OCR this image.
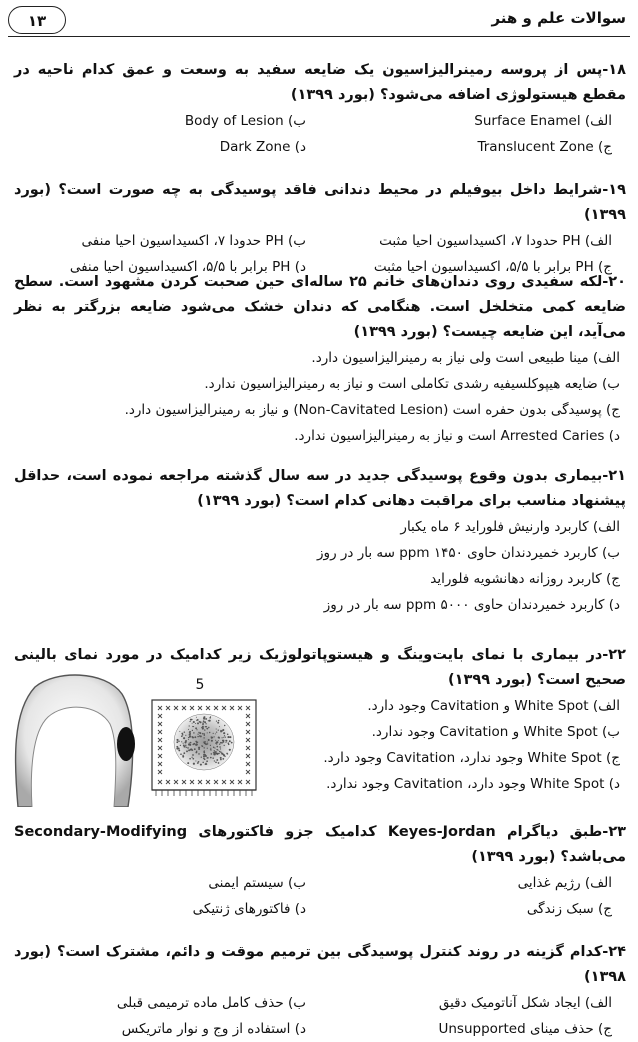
۱۳	سوالات علم و هنر

۱۸-پس از پروسه رمینرالیزاسیون یک ضایعه سفید به وسعت و عمق کدام ناحیه در مقطع هیستولوژی اضافه می‌شود؟ (بورد ۱۳۹۹)

الف) Surface Enamel

ب) Body of Lesion

ج) Translucent Zone

د) Dark Zone

۱۹-شرایط داخل بیوفیلم در محیط دندانی فاقد پوسیدگی به چه صورت است؟ (بورد ۱۳۹۹)

الف) PH حدودا ۷، اکسیداسیون احیا مثبت

ب) PH حدودا ۷، اکسیداسیون احیا منفی

ج) PH برابر با ۵/۵، اکسیداسیون احیا مثبت

د) PH برابر با ۵/۵، اکسیداسیون احیا منفی

۲۰-لکه سفیدی روی دندان‌های خانم ۲۵ ساله‌ای حین صحبت کردن مشهود است. سطح ضایعه کمی متخلخل است. هنگامی که دندان خشک می‌شود ضایعه بزرگتر به نظر می‌آید، این ضایعه چیست؟ (بورد ۱۳۹۹)

الف) مینا طبیعی است ولی نیاز به رمینرالیزاسیون دارد.

ب) ضایعه هیپوکلسیفیه رشدی تکاملی است و نیاز به رمینرالیزاسیون ندارد.

ج) پوسیدگی بدون حفره است (Non-Cavitated Lesion) و نیاز به رمینرالیزاسیون دارد.

د) Arrested Caries است و نیاز به رمینرالیزاسیون ندارد.

۲۱-بیماری بدون وقوع پوسیدگی جدید در سه سال گذشته مراجعه نموده است، حداقل پیشنهاد مناسب برای مراقبت دهانی کدام است؟ (بورد ۱۳۹۹)

الف) کاربرد وارنیش فلوراید ۶ ماه یکبار

ب) کاربرد خمیردندان حاوی ۱۴۵۰ ppm سه بار در روز

ج) کاربرد روزانه دهانشویه فلوراید

د) کاربرد خمیردندان حاوی ۵۰۰۰ ppm سه بار در روز

۲۲-در بیماری با نمای بایت‌وینگ و هیستوپاتولوژیک زیر کدامیک در مورد نمای بالینی صحیح است؟ (بورد ۱۳۹۹)

الف) White Spot و Cavitation وجود دارد.

ب) White Spot و Cavitation وجود ندارد.

ج) White Spot وجود ندارد، Cavitation وجود دارد.

د) White Spot وجود دارد، Cavitation وجود ندارد.

5

۲۳-طبق دیاگرام Keyes-Jordan کدامیک جزو فاکتورهای Secondary-Modifying می‌باشد؟ (بورد ۱۳۹۹)

الف) رژیم غذایی

ب) سیستم ایمنی

ج) سبک زندگی

د) فاکتورهای ژنتیکی

۲۴-کدام گزینه در روند کنترل پوسیدگی بین ترمیم موقت و دائم، مشترک است؟ (بورد ۱۳۹۸)

الف) ایجاد شکل آناتومیک دقیق

ب) حذف کامل ماده ترمیمی قبلی

ج) حذف مینای Unsupported

د) استفاده از وج و نوار ماتریکس
